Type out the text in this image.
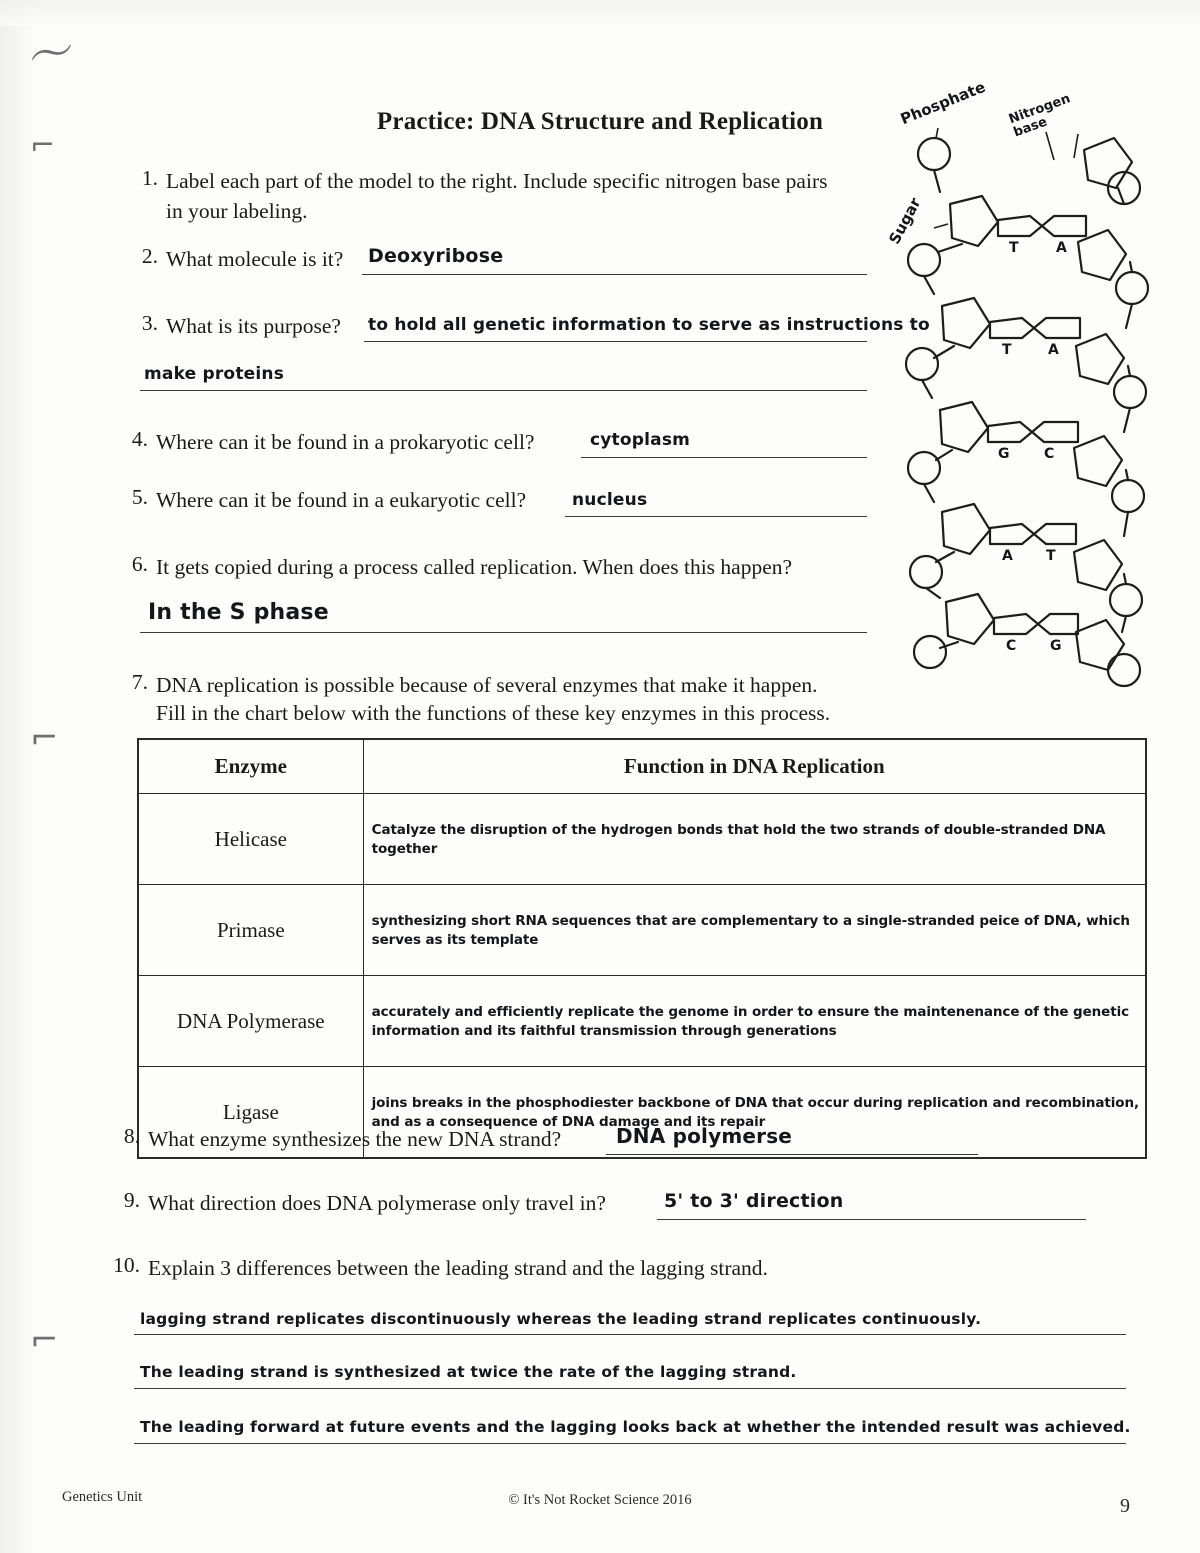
〜
⌐
⌐
⌐
Practice: DNA Structure and Replication
1. Label each part of the model to the right. Include specific nitrogen base pairs
in your labeling.
2. What molecule is it? Deoxyribose
3. What is its purpose? to hold all genetic information to serve as instructions to
make proteins
4. Where can it be found in a prokaryotic cell?	cytoplasm
5. Where can it be found in a eukaryotic cell?	nucleus
6. It gets copied during a process called replication. When does this happen?
In the S phase
7. DNA replication is possible because of several enzymes that make it happen.
Fill in the chart below with the functions of these key enzymes in this process.
Enzyme	Function in DNA Replication
Helicase	Catalyze the disruption of the hydrogen bonds that hold the two strands of double-stranded DNA
together

Primase	synthesizing short RNA sequences that are complementary to a single-stranded peice of DNA, which
serves as its template

DNA Polymerase	accurately and efficiently replicate the genome in order to ensure the maintenenance of the genetic
information and its faithful transmission through generations

Ligase	joins breaks in the phosphodiester backbone of DNA that occur during replication and recombination,
and as a consequence of DNA damage and its repair
8. What enzyme synthesizes the new DNA strand?	DNA polymerse
9. What direction does DNA polymerase only travel in?	5' to 3' direction
10. Explain 3 differences between the leading strand and the lagging strand.
lagging strand replicates discontinuously whereas the leading strand replicates continuously.
The leading strand is synthesized at twice the rate of the lagging strand.
The leading forward at future events and the lagging looks back at whether the intended result was achieved.
Genetics Unit	© It's Not Rocket Science 2016	9
Phosphate Nitrogen base
Sugar
T	A
T	A
G C
A T
C G
